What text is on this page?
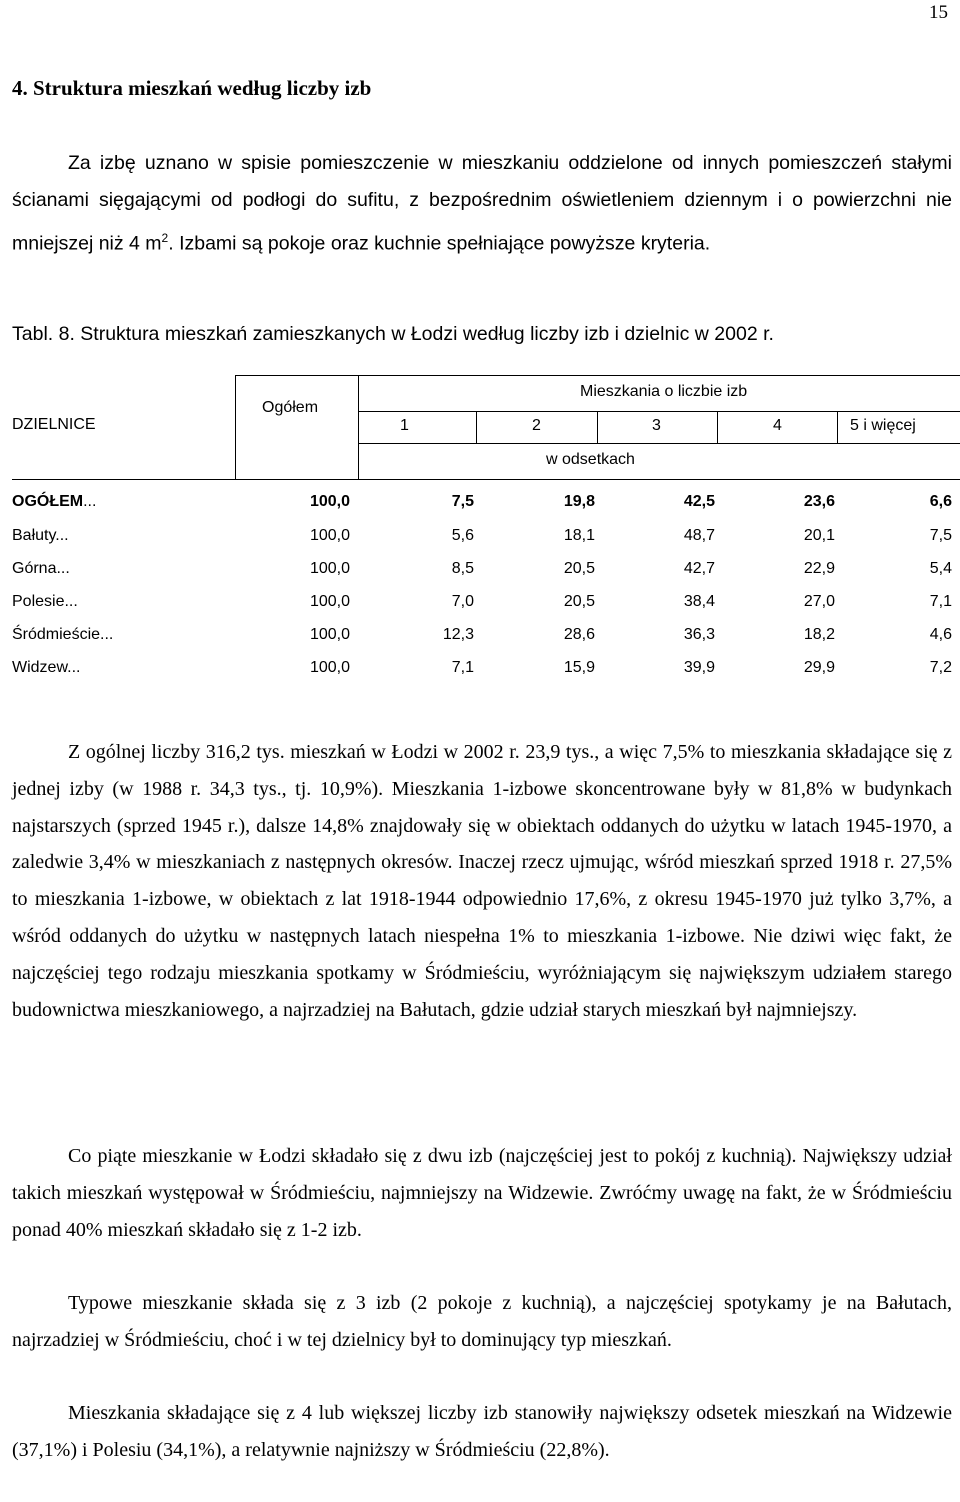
15
4. Struktura mieszkań według liczby izb

Za izbę uznano w spisie pomieszczenie w mieszkaniu oddzielone od innych pomieszczeń stałymi ścianami sięgającymi od podłogi do sufitu, z bezpośrednim oświetleniem dziennym i o powierzchni nie mniejszej niż 4 $m^2$. Izbami są pokoje oraz kuchnie spełniające powyższe kryteria.

Tabl. 8. Struktura mieszkań zamieszkanych w Łodzi według liczby izb i dzielnic w 2002 r.
DZIELNICE
Ogółem
Mieszkania o liczbie izb
1	2	3	4	5 i więcej
w odsetkach
OGÓŁEM...	100,0	7,5	19,8	42,5	23,6	6,6
Bałuty...	100,0	5,6	18,1	48,7	20,1	7,5
Górna...	100,0	8,5	20,5	42,7	22,9	5,4
Polesie...	100,0	7,0	20,5	38,4	27,0	7,1
Śródmieście...	100,0	12,3	28,6	36,3	18,2	4,6
Widzew...	100,0	7,1	15,9	39,9	29,9	7,2

Z ogólnej liczby 316,2 tys. mieszkań w Łodzi w 2002 r. 23,9 tys., a więc 7,5% to mieszkania składające się z jednej izby (w 1988 r. 34,3 tys., tj. 10,9%). Mieszkania 1-izbowe skoncentrowane były w 81,8% w budynkach najstarszych (sprzed 1945 r.), dalsze 14,8% znajdowały się w obiektach oddanych do użytku w latach 1945-1970, a zaledwie 3,4% w mieszkaniach z następnych okresów. Inaczej rzecz ujmując, wśród mieszkań sprzed 1918 r. 27,5% to mieszkania 1-izbowe, w obiektach z lat 1918-1944 odpowiednio 17,6%, z okresu 1945-1970 już tylko 3,7%, a wśród oddanych do użytku w następnych latach niespełna 1% to mieszkania 1-izbowe. Nie dziwi więc fakt, że najczęściej tego rodzaju mieszkania spotkamy w Śródmieściu, wyróżniającym się największym udziałem starego budownictwa mieszkaniowego, a najrzadziej na Bałutach, gdzie udział starych mieszkań był najmniejszy.

Co piąte mieszkanie w Łodzi składało się z dwu izb (najczęściej jest to pokój z kuchnią). Największy udział takich mieszkań występował w Śródmieściu, najmniejszy na Widzewie. Zwróćmy uwagę na fakt, że w Śródmieściu ponad 40% mieszkań składało się z 1-2 izb.

Typowe mieszkanie składa się z 3 izb (2 pokoje z kuchnią), a najczęściej spotykamy je na Bałutach, najrzadziej w Śródmieściu, choć i w tej dzielnicy był to dominujący typ mieszkań.

Mieszkania składające się z 4 lub większej liczby izb stanowiły największy odsetek mieszkań na Widzewie (37,1%) i Polesiu (34,1%), a relatywnie najniższy w Śródmieściu (22,8%).
